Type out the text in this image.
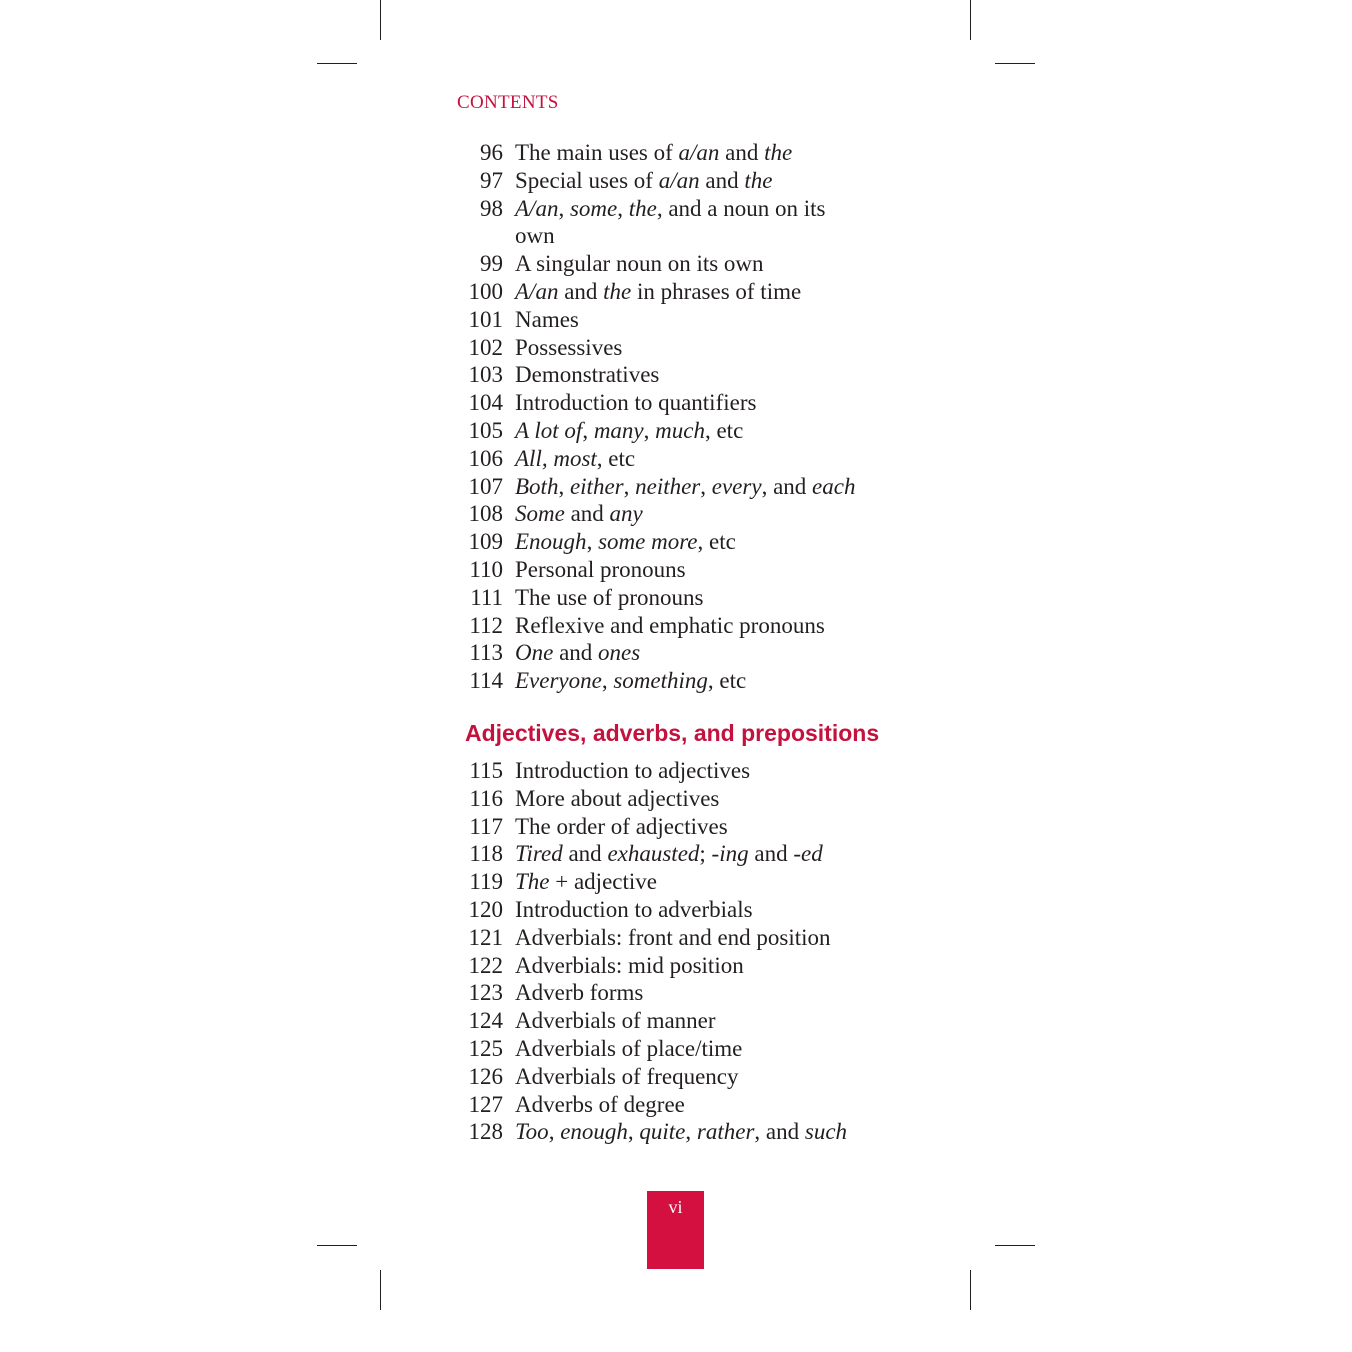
CONTENTS
96 The main uses of a/an and the
97 Special uses of a/an and the
98 A/an, some, the, and a noun on its
own
99 A singular noun on its own
100 A/an and the in phrases of time
101 Names
102 Possessives
103 Demonstratives
104 Introduction to quantifiers
105 A lot of, many, much, etc
106 All, most, etc
107 Both, either, neither, every, and each
108 Some and any
109 Enough, some more, etc
110 Personal pronouns
111 The use of pronouns
112 Reflexive and emphatic pronouns
113 One and ones
114 Everyone, something, etc
Adjectives, adverbs, and prepositions
115 Introduction to adjectives
116 More about adjectives
117 The order of adjectives
118 Tired and exhausted; -ing and -ed
119 The + adjective
120 Introduction to adverbials
121 Adverbials: front and end position
122 Adverbials: mid position
123 Adverb forms
124 Adverbials of manner
125 Adverbials of place/time
126 Adverbials of frequency
127 Adverbs of degree
128 Too, enough, quite, rather, and such
vi
